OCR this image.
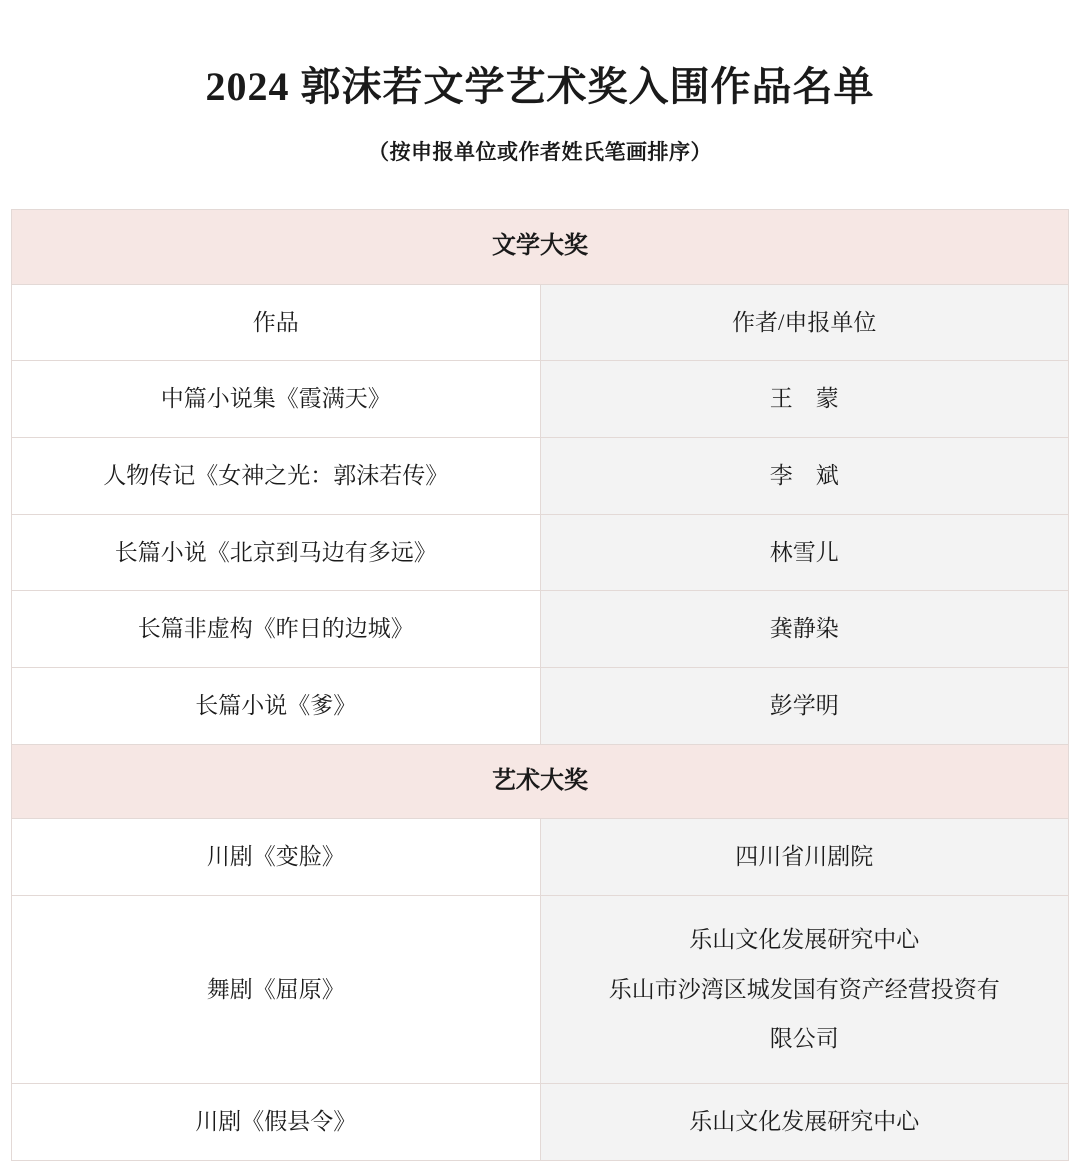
2024 郭沫若文学艺术奖入围作品名单
（按申报单位或作者姓氏笔画排序）
文学大奖	
作品	作者/申报单位
中篇小说集《霞满天》	王　蒙
人物传记《女神之光：郭沫若传》	李　斌
长篇小说《北京到马边有多远》	林雪儿
长篇非虚构《昨日的边城》	龚静染
长篇小说《爹》	彭学明
艺术大奖	
川剧《变脸》	四川省川剧院
舞剧《屈原》	乐山文化发展研究中心
乐山市沙湾区城发国有资产经营投资有
限公司

川剧《假县令》	乐山文化发展研究中心
